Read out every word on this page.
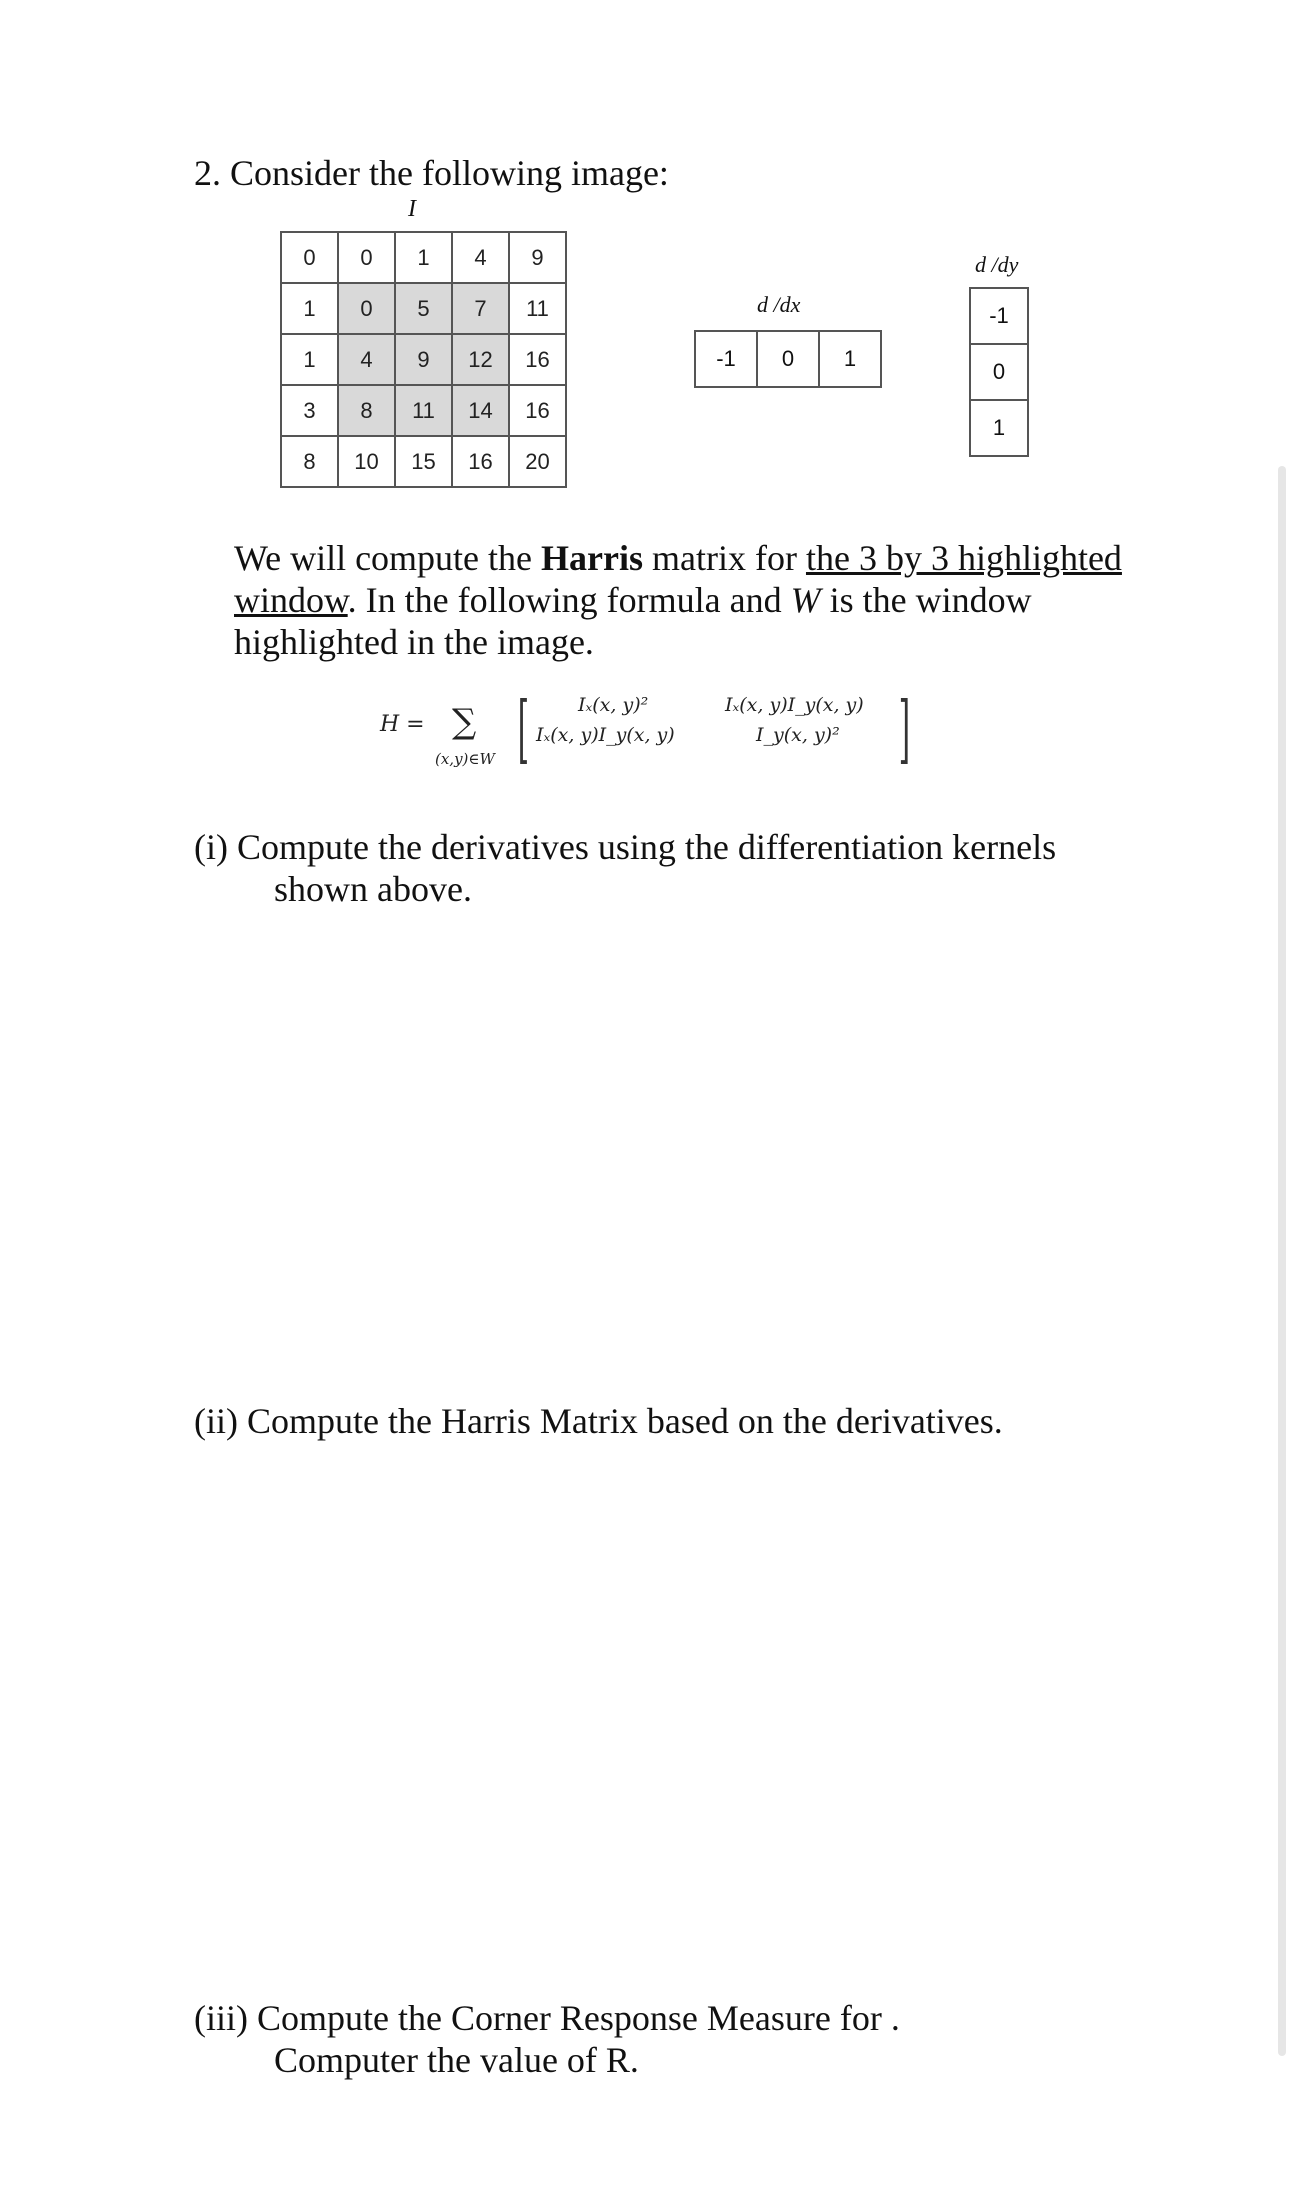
2. Consider the following image:
I
0	0	1	4	9
1	0	5	7	11
1	4	9	12	16
3	8	11	14	16
8	10	15	16	20
d /dx
-1	0	1
d /dy
-1
0
1
We will compute the Harris matrix for the 3 by 3 highlighted
window. In the following formula and W is the window
highlighted in the image.
H = ∑
(x,y)∈W [	Iₓ(x, y)²	Iₓ(x, y)I_y(x, y)
Iₓ(x, y)I_y(x, y)	I_y(x, y)² ]
(i) Compute the derivatives using the differentiation kernels
shown above.
(ii) Compute the Harris Matrix based on the derivatives.
(iii) Compute the Corner Response Measure for .
Computer the value of R.
